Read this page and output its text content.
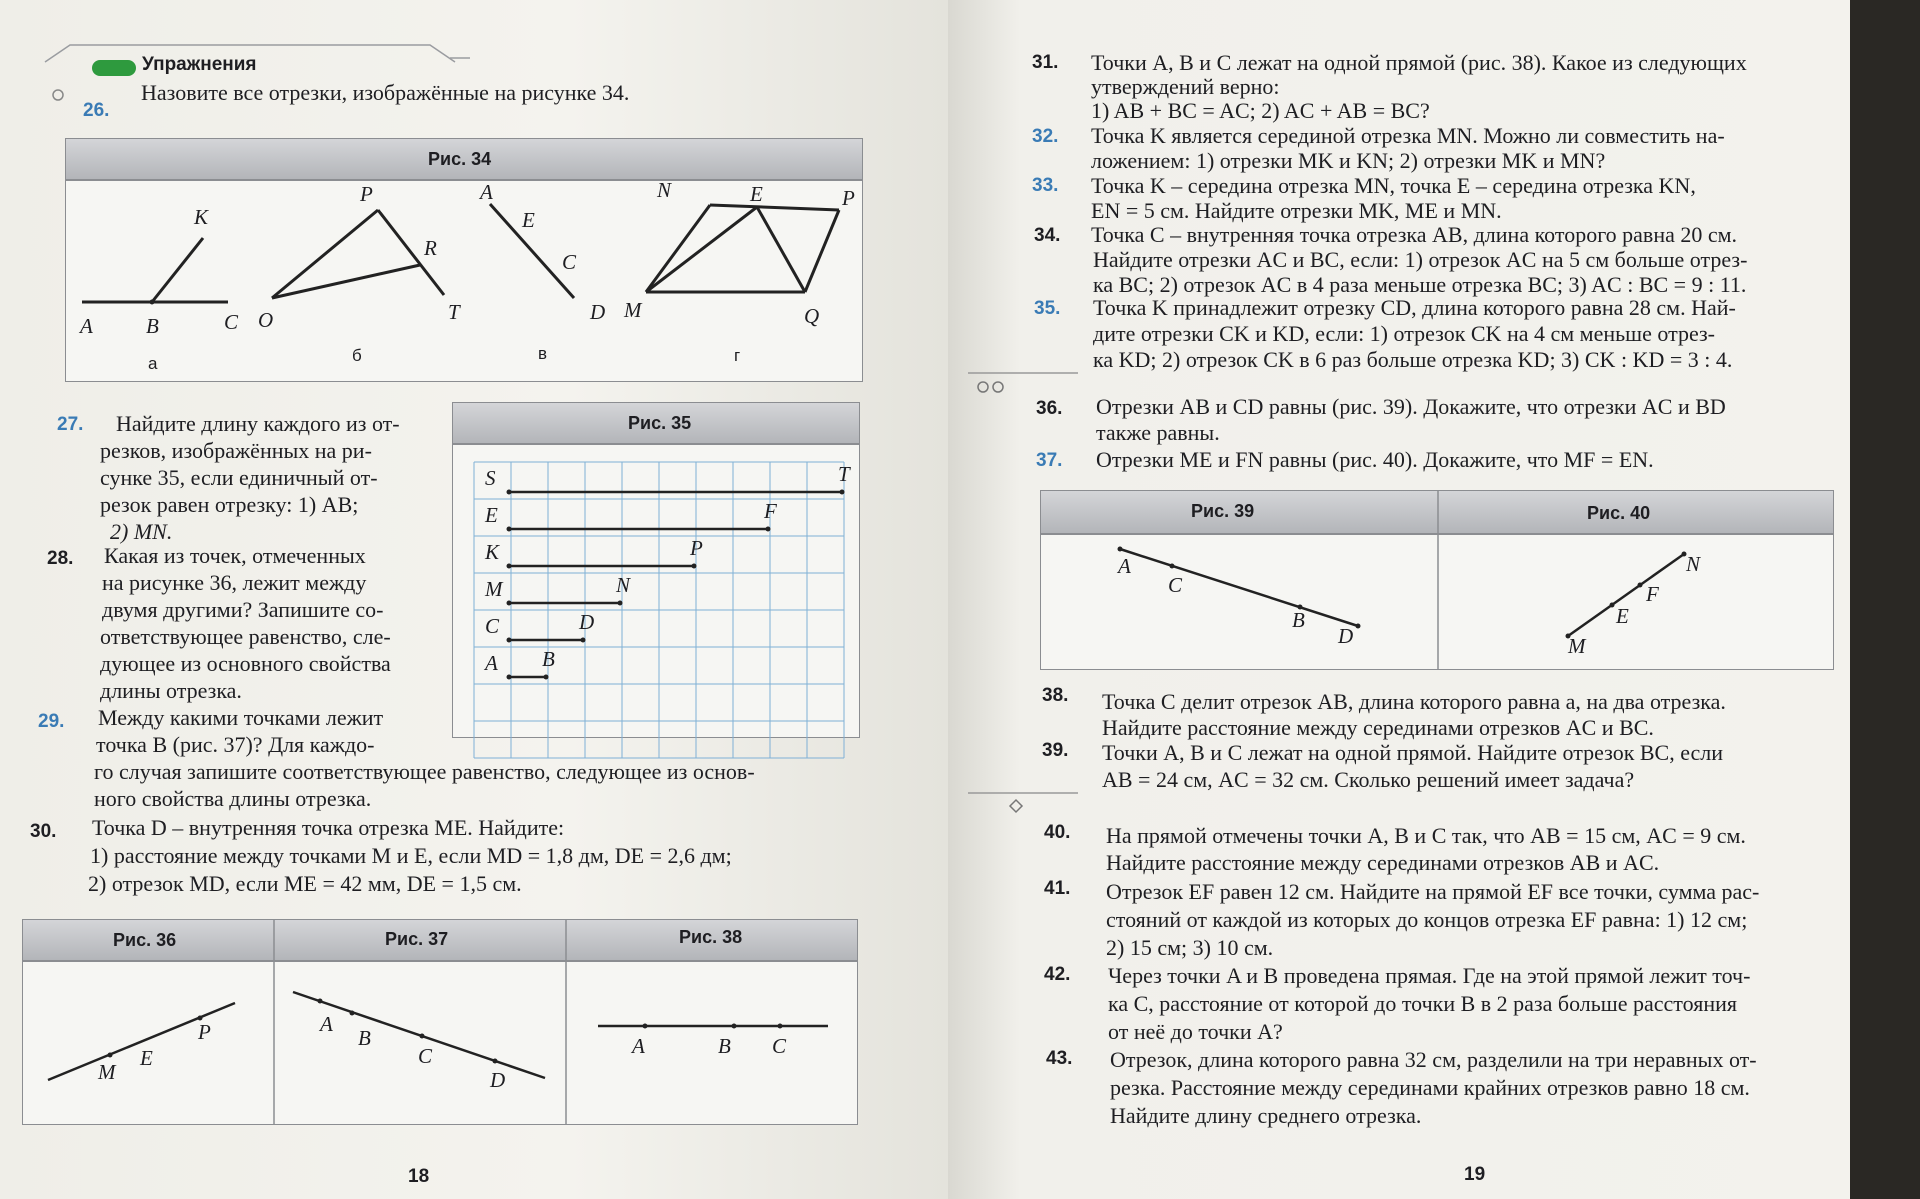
Упражнения
26.
Назовите все отрезки, изображённые на рисунке 34.
Рис. 34
A	B	C
K
а
O
P
R
T
б
A
E
C
D
в
N	E	P
M	Q
г
Рис. 35
S	T
E	F
K	P
M	N
C	D
A B
27. Найдите длину каждого из от-
резков, изображённых на ри-
сунке 35, если единичный от-
резок равен отрезку: 1) AB;
2) MN.
28. Какая из точек, отмеченных
на рисунке 36, лежит между
двумя другими? Запишите со-
ответствующее равенство, сле-
дующее из основного свойства
длины отрезка.
29. Между какими точками лежит
точка B (рис. 37)? Для каждо-
го случая запишите соответствующее равенство, следующее из основ-
ного свойства длины отрезка.
30. Точка D – внутренняя точка отрезка ME. Найдите:
1) расстояние между точками M и E, если MD = 1,8 дм, DE = 2,6 дм;
2) отрезок MD, если ME = 42 мм, DE = 1,5 см.
Рис. 36	Рис. 37	Рис. 38
M
E
P	A
B
C
D
A	B C
18
31. Точки A, B и C лежат на одной прямой (рис. 38). Какое из следующих
утверждений верно:
1) AB + BC = AC; 2) AC + AB = BC?
32. Точка K является серединой отрезка MN. Можно ли совместить на-
ложением: 1) отрезки MK и KN; 2) отрезки MK и MN?
33. Точка K – середина отрезка MN, точка E – середина отрезка KN,
EN = 5 см. Найдите отрезки MK, ME и MN.
34. Точка C – внутренняя точка отрезка AB, длина которого равна 20 см.
Найдите отрезки AC и BC, если: 1) отрезок AC на 5 см больше отрез-
ка BC; 2) отрезок AC в 4 раза меньше отрезка BC; 3) AC : BC = 9 : 11.
35. Точка K принадлежит отрезку CD, длина которого равна 28 см. Най-
дите отрезки CK и KD, если: 1) отрезок CK на 4 см меньше отрез-
ка KD; 2) отрезок CK в 6 раз больше отрезка KD; 3) CK : KD = 3 : 4.
36. Отрезки AB и CD равны (рис. 39). Докажите, что отрезки AC и BD
также равны.
37. Отрезки ME и FN равны (рис. 40). Докажите, что MF = EN.
Рис. 39	Рис. 40
A
C
B
D
N
F
E
M
38. Точка C делит отрезок AB, длина которого равна a, на два отрезка.
Найдите расстояние между серединами отрезков AC и BC.
39. Точки A, B и C лежат на одной прямой. Найдите отрезок BC, если
AB = 24 см, AC = 32 см. Сколько решений имеет задача?
40. На прямой отмечены точки A, B и C так, что AB = 15 см, AC = 9 см.
Найдите расстояние между серединами отрезков AB и AC.
41. Отрезок EF равен 12 см. Найдите на прямой EF все точки, сумма рас-
стояний от каждой из которых до концов отрезка EF равна: 1) 12 см;
2) 15 см; 3) 10 см.
42. Через точки A и B проведена прямая. Где на этой прямой лежит точ-
ка C, расстояние от которой до точки B в 2 раза больше расстояния
от неё до точки A?
43. Отрезок, длина которого равна 32 см, разделили на три неравных от-
резка. Расстояние между серединами крайних отрезков равно 18 см.
Найдите длину среднего отрезка.
19
